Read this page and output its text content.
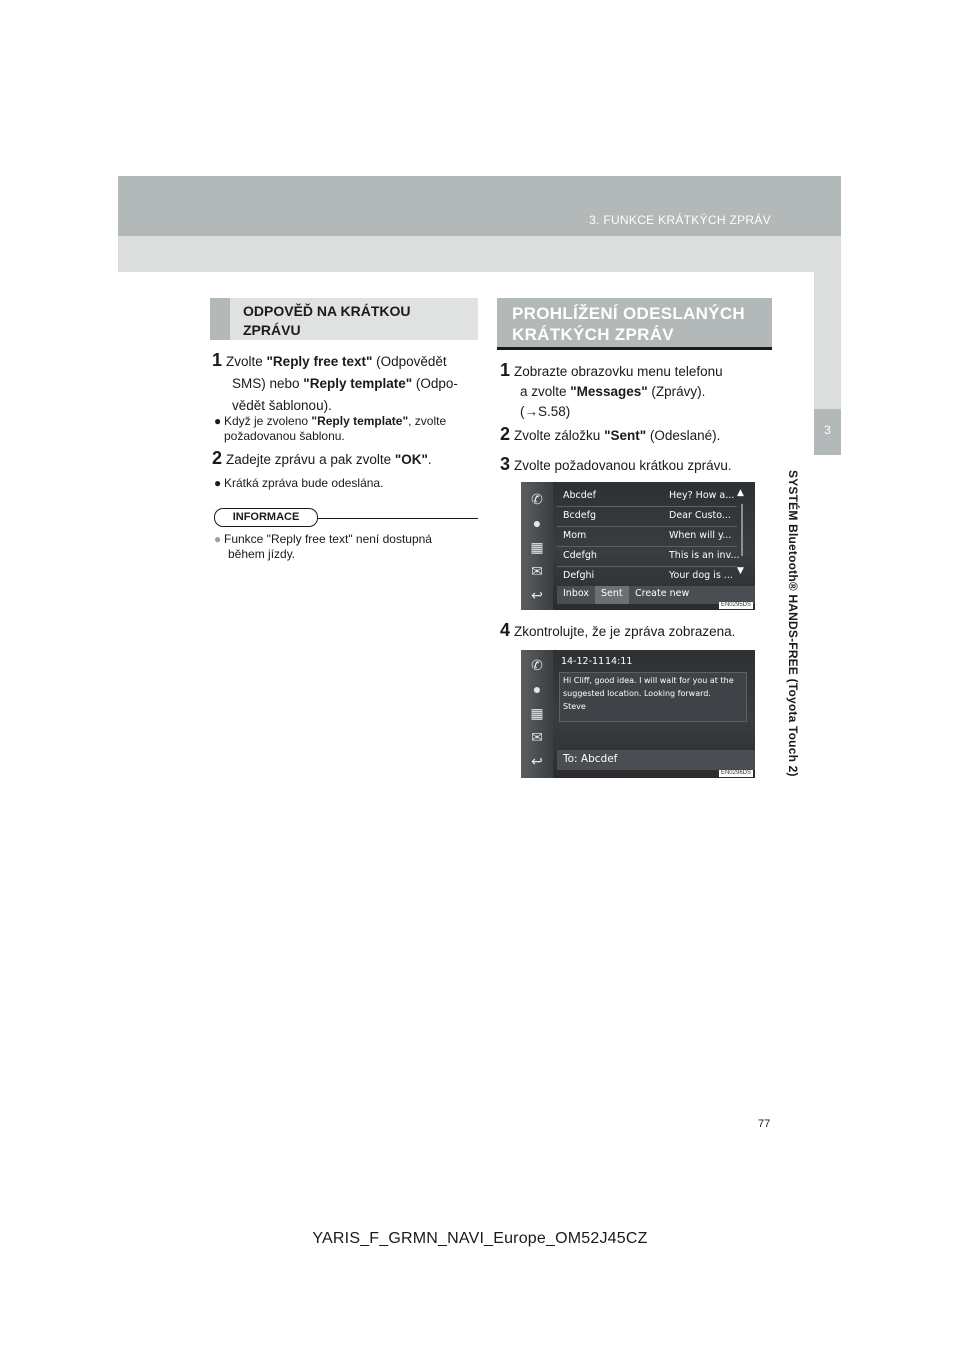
3. FUNKCE KRÁTKÝCH ZPRÁV
3
SYSTÉM Bluetooth® HANDS-FREE (Toyota Touch 2)
ODPOVĚĎ NA KRÁTKOU
ZPRÁVU
1 Zvolte "Reply free text" (Odpovědět
SMS) nebo "Reply template" (Odpo-
vědět šablonou).
● Když je zvoleno "Reply template", zvolte
požadovanou šablonu.
2 Zadejte zprávu a pak zvolte "OK".
● Krátká zpráva bude odeslána.
INFORMACE
● Funkce "Reply free text" není dostupná
během jízdy.
PROHLÍŽENÍ ODESLANÝCH
KRÁTKÝCH ZPRÁV
1 Zobrazte obrazovku menu telefonu
a zvolte "Messages" (Zprávy).
(→S.58)
2 Zvolte záložku "Sent" (Odeslané).
3 Zvolte požadovanou krátkou zprávu.
✆
●
▦
✉
↩
Abcdef	Hey? How a...
Bcdefg	Dear Custo...
Mom	When will y...
Cdefgh	This is an inv...
Defghi	Your dog is ...
▲
▼
Inbox Sent Create new
EN0295DS
4 Zkontrolujte, že je zpráva zobrazena.
✆
●
▦
✉
↩
14-12-11 14:11
Hi Cliff, good idea. I will wait for you at the
suggested location. Looking forward.
Steve
To: Abcdef
EN0296DS
77
YARIS_F_GRMN_NAVI_Europe_OM52J45CZ
